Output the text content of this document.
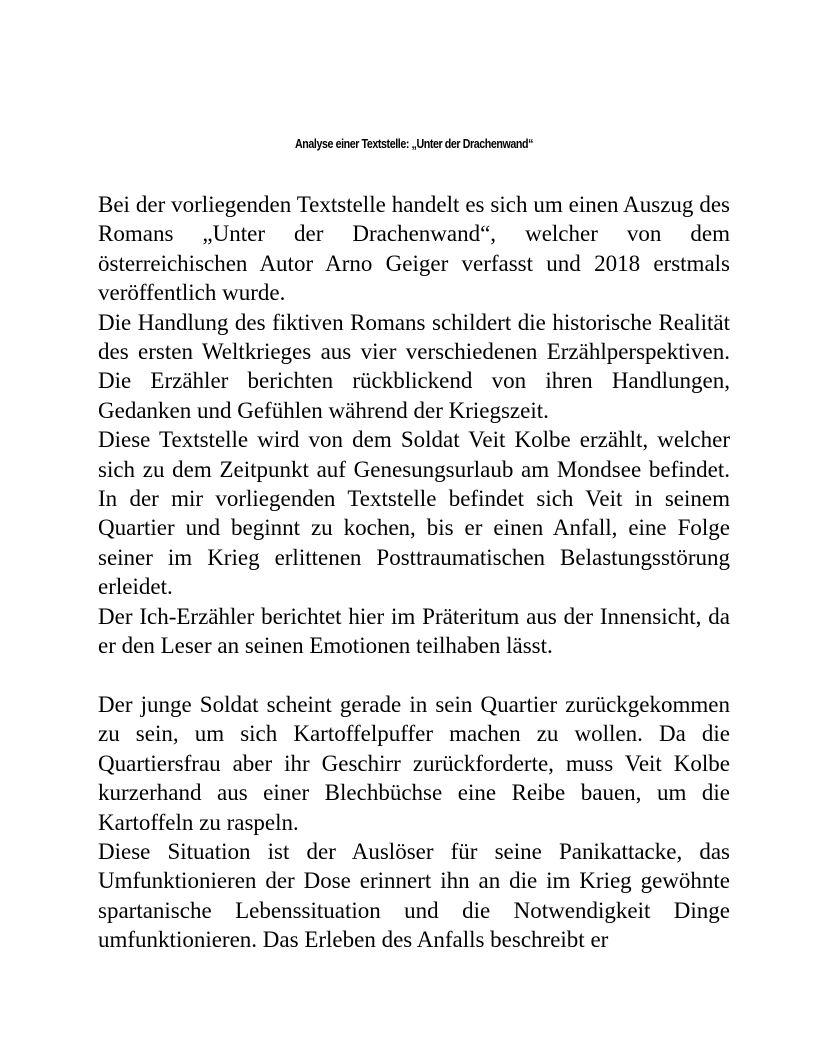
Analyse einer Textstelle: „Unter der Drachenwand“

Bei der vorliegenden Textstelle handelt es sich um einen Auszug des Romans „Unter der Drachenwand“, welcher von dem österreichischen Autor Arno Geiger verfasst und 2018 erstmals veröffentlich wurde.

Die Handlung des fiktiven Romans schildert die historische Realität des ersten Weltkrieges aus vier verschiedenen Erzählperspektiven. Die Erzähler berichten rückblickend von ihren Handlungen, Gedanken und Gefühlen während der Kriegszeit.

Diese Textstelle wird von dem Soldat Veit Kolbe erzählt, welcher sich zu dem Zeitpunkt auf Genesungsurlaub am Mondsee befindet. In der mir vorliegenden Textstelle befindet sich Veit in seinem Quartier und beginnt zu kochen, bis er einen Anfall, eine Folge seiner im Krieg erlittenen Posttraumatischen Belastungsstörung erleidet.

Der Ich-Erzähler berichtet hier im Präteritum aus der Innensicht, da er den Leser an seinen Emotionen teilhaben lässt.

Der junge Soldat scheint gerade in sein Quartier zurückgekommen zu sein, um sich Kartoffelpuffer machen zu wollen. Da die Quartiersfrau aber ihr Geschirr zurückforderte, muss Veit Kolbe kurzerhand aus einer Blechbüchse eine Reibe bauen, um die Kartoffeln zu raspeln.

Diese Situation ist der Auslöser für seine Panikattacke, das Umfunktionieren der Dose erinnert ihn an die im Krieg gewöhnte spartanische Lebenssituation und die Notwendigkeit Dinge umfunktionieren. Das Erleben des Anfalls beschreibt er
